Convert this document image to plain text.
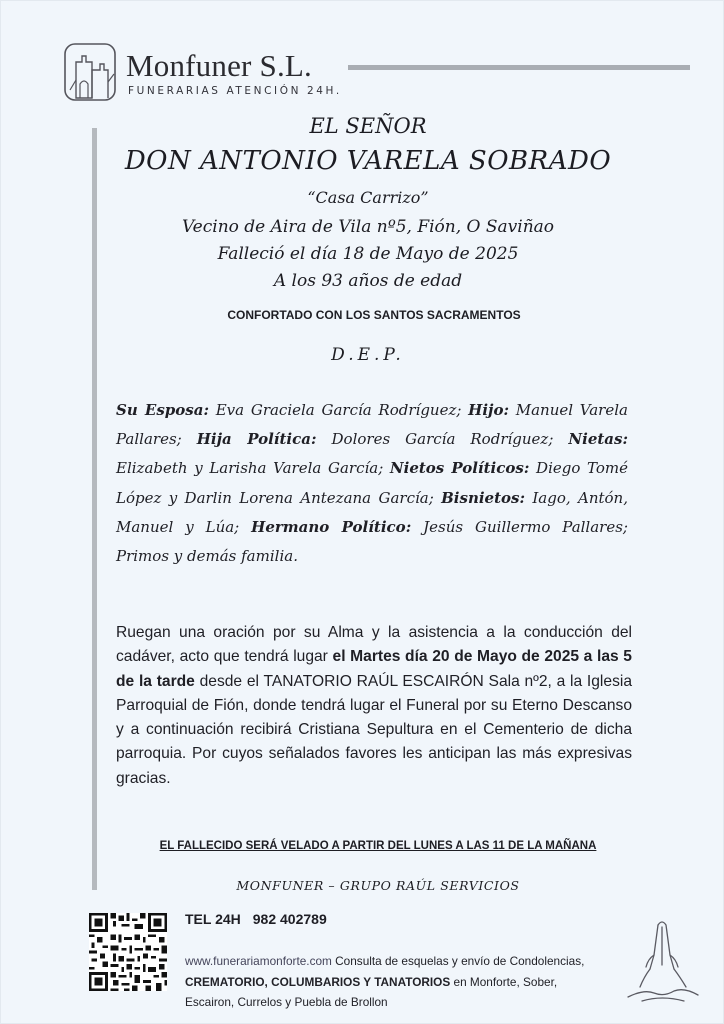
Monfuner S.L.
FUNERARIAS ATENCIÓN 24H.
EL SEÑOR
DON ANTONIO VARELA SOBRADO
“Casa Carrizo”
Vecino de Aira de Vila nº5, Fión, O Saviñao
Falleció el día 18 de Mayo de 2025
A los 93 años de edad
CONFORTADO CON LOS SANTOS SACRAMENTOS
D.E.P.
Su Esposa: Eva Graciela García Rodríguez; Hijo: Manuel Varela Pallares; Hija Política: Dolores García Rodríguez; Nietas: Elizabeth y Larisha Varela García; Nietos Políticos: Diego Tomé López y Darlin Lorena Antezana García; Bisnietos: Iago, Antón, Manuel y Lúa; Hermano Político: Jesús Guillermo Pallares; Primos y demás familia.
Ruegan una oración por su Alma y la asistencia a la conducción del cadáver, acto que tendrá lugar el Martes día 20 de Mayo de 2025 a las 5 de la tarde desde el TANATORIO RAÚL ESCAIRÓN Sala nº2, a la Iglesia Parroquial de Fión, donde tendrá lugar el Funeral por su Eterno Descanso y a continuación recibirá Cristiana Sepultura en el Cementerio de dicha parroquia. Por cuyos señalados favores les anticipan las más expresivas gracias.
EL FALLECIDO SERÁ VELADO A PARTIR DEL LUNES A LAS 11 DE LA MAÑANA
MONFUNER – GRUPO RAÚL SERVICIOS
TEL 24H 982 402789
www.funerariamonforte.com Consulta de esquelas y envío de Condolencias, CREMATORIO, COLUMBARIOS Y TANATORIOS en Monforte, Sober, Escairon, Currelos y Puebla de Brollon
